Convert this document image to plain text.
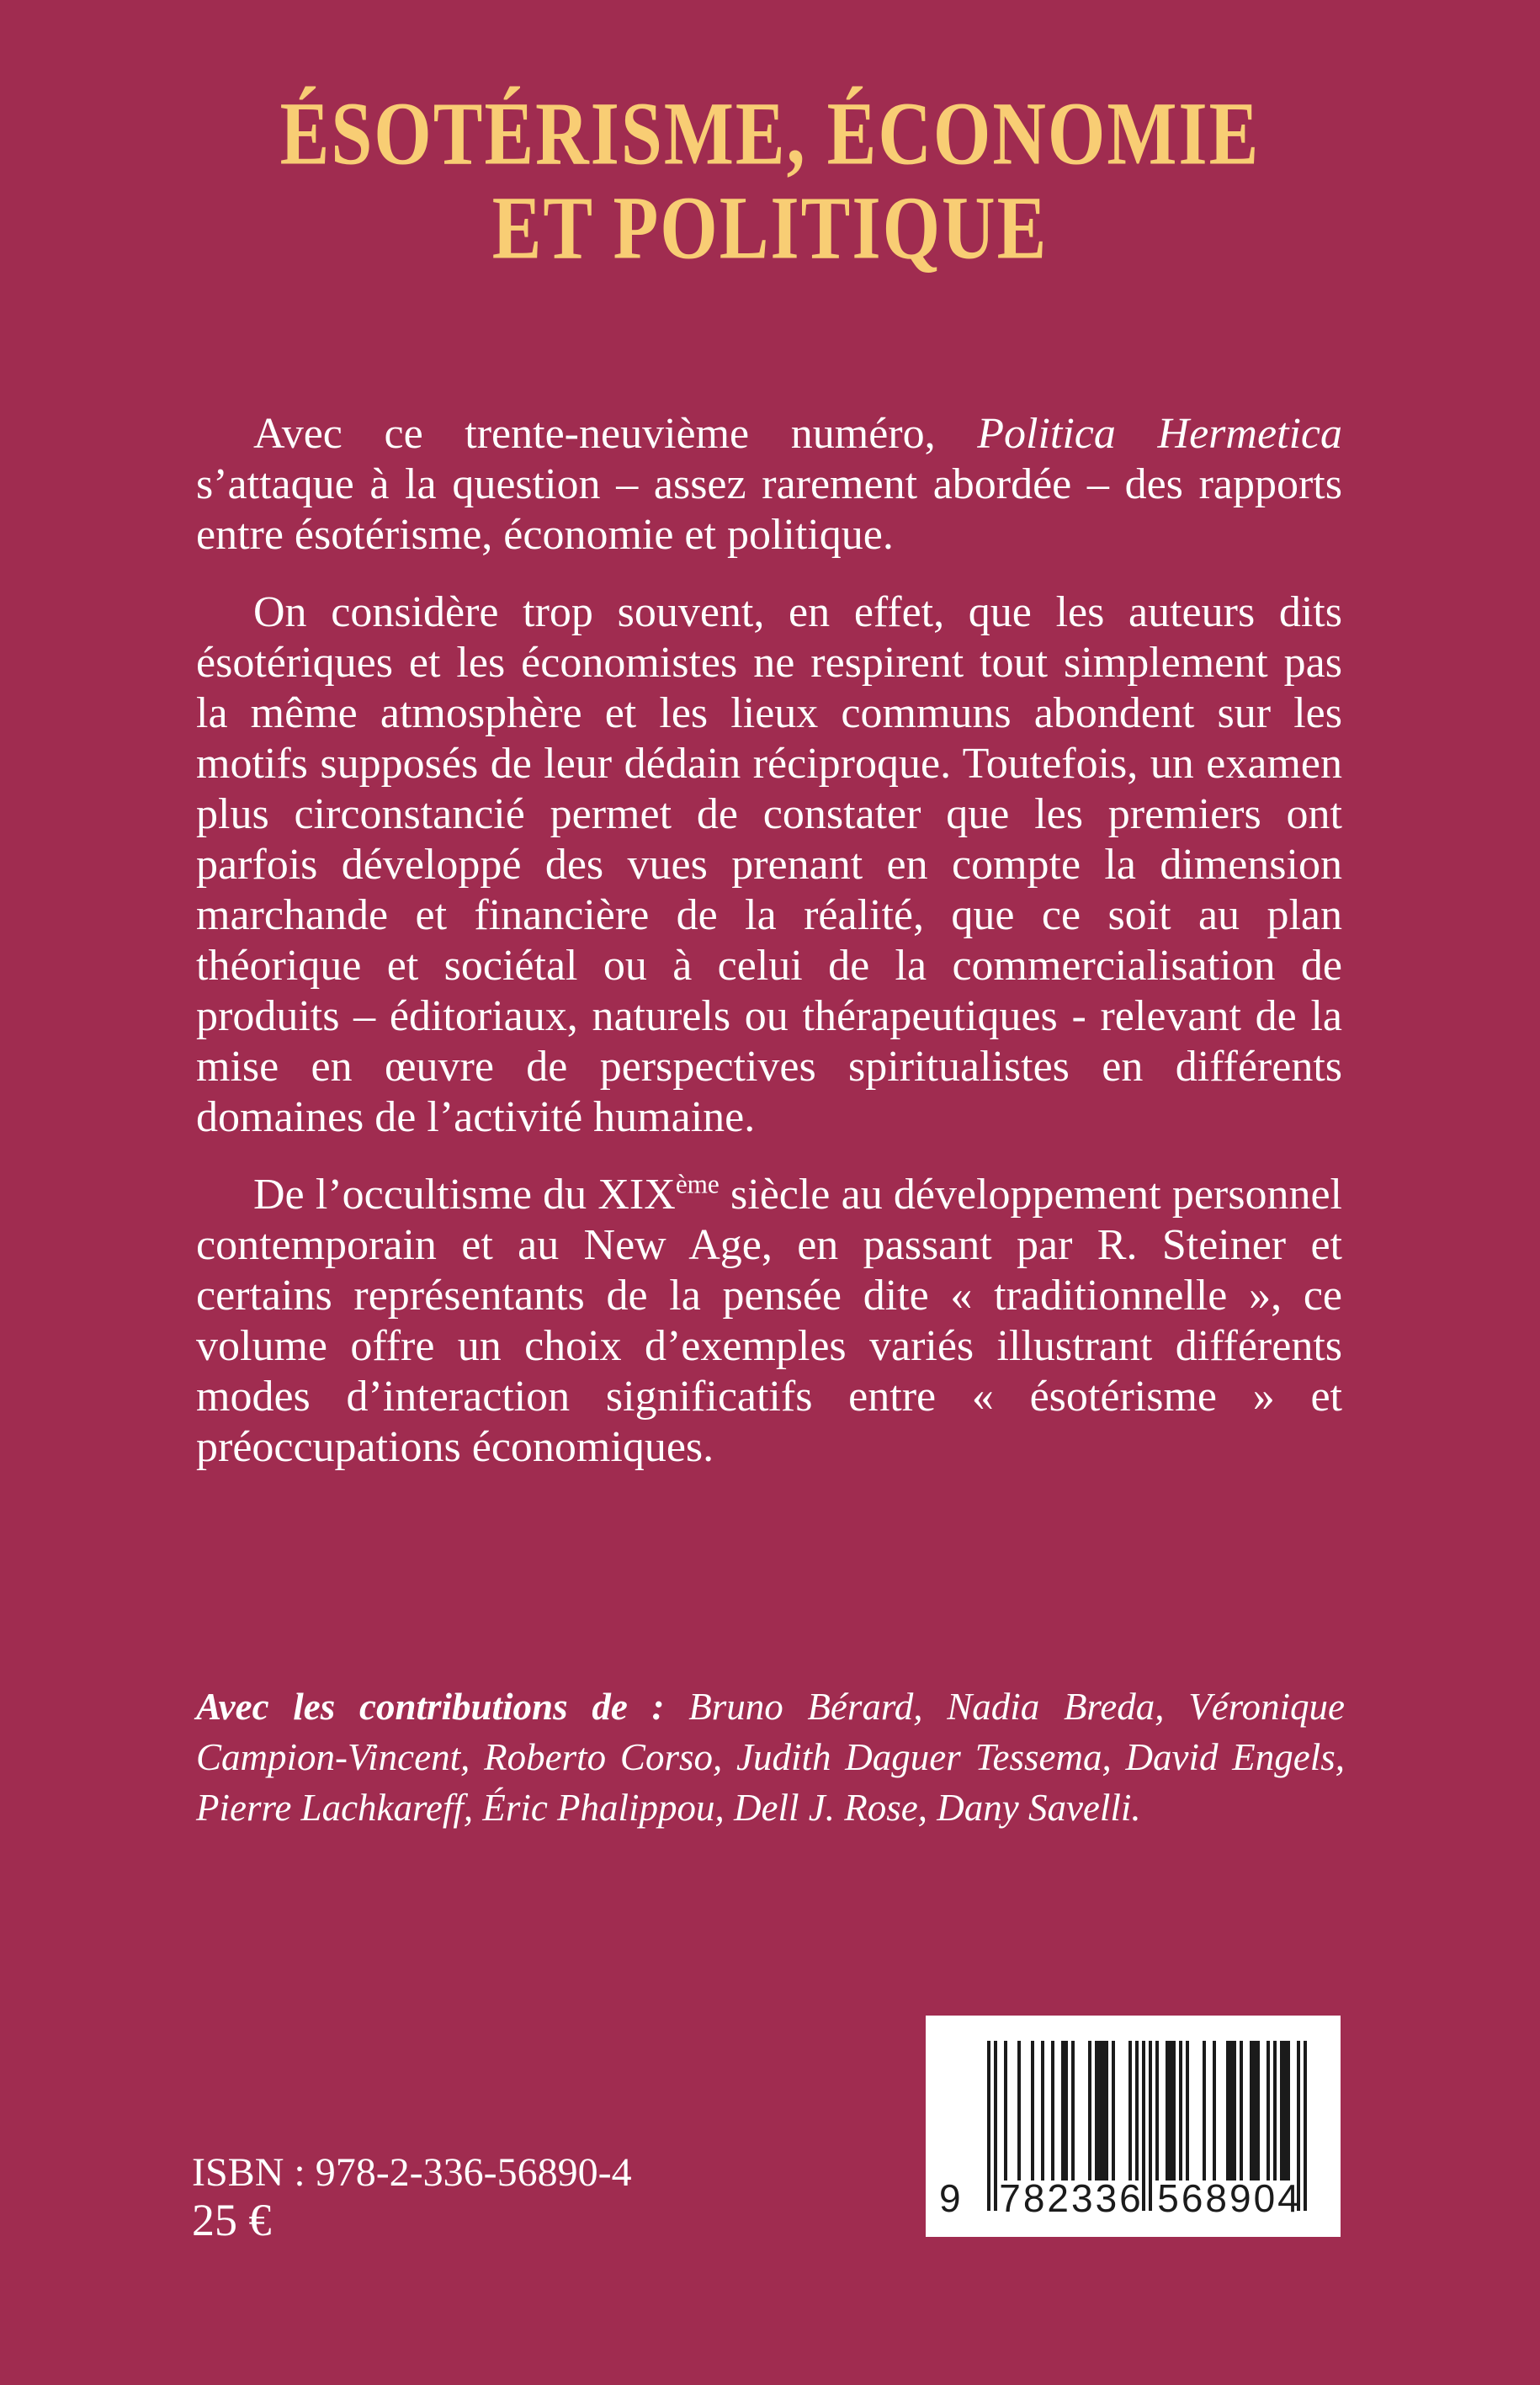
ÉSOTÉRISME, ÉCONOMIE
ET POLITIQUE

Avec ce trente-neuvième numéro, Politica Hermetica s’attaque à la question – assez rarement abordée – des rapports entre ésotérisme, économie et politique.

On considère trop souvent, en effet, que les auteurs dits ésotériques et les économistes ne respirent tout simplement pas la même atmosphère et les lieux communs abondent sur les motifs supposés de leur dédain réciproque. Toutefois, un examen plus circonstancié permet de constater que les premiers ont parfois développé des vues prenant en compte la dimension marchande et financière de la réalité, que ce soit au plan théorique et sociétal ou à celui de la commercialisation de produits – éditoriaux, naturels ou thérapeutiques - relevant de la mise en œuvre de perspectives spiritualistes en différents domaines de l’activité humaine.

De l’occultisme du XIXème siècle au développement personnel contemporain et au New Age, en passant par R. Steiner et certains représentants de la pensée dite « traditionnelle », ce volume offre un choix d’exemples variés illustrant différents modes d’interaction significatifs entre « ésotérisme » et préoccupations économiques.

Avec les contributions de : Bruno Bérard, Nadia Breda, Véronique Campion-Vincent, Roberto Corso, Judith Daguer Tessema, David Engels, Pierre Lachkareff, Éric Phalippou, Dell J. Rose, Dany Savelli.

ISBN : 978-2-336-56890-4
25 €	9 782336 568904
